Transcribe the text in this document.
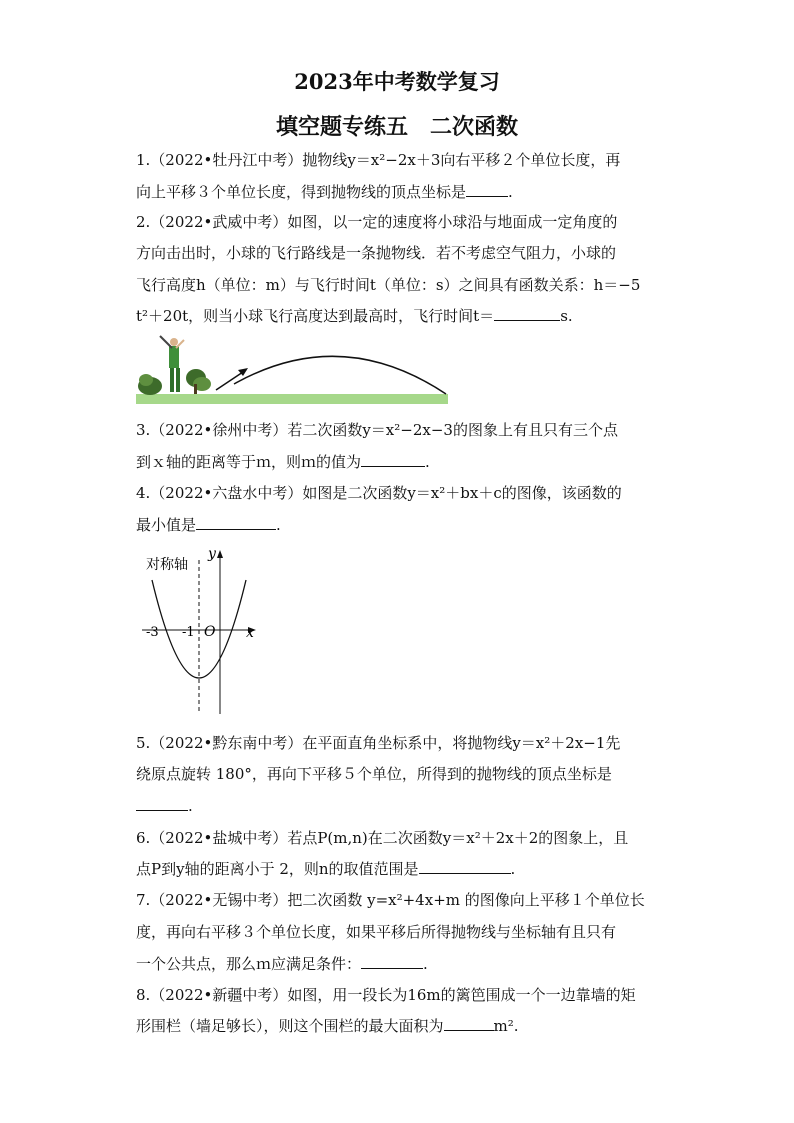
2023年中考数学复习
填空题专练五　二次函数
1.（2022•牡丹江中考）抛物线y＝x²−2x＋3向右平移２个单位长度，再
向上平移３个单位长度，得到抛物线的顶点坐标是	.
2.（2022•武威中考）如图，以一定的速度将小球沿与地面成一定角度的
方向击出时，小球的飞行路线是一条抛物线．若不考虑空气阻力，小球的
飞行高度h（单位：m）与飞行时间t（单位：s）之间具有函数关系：h＝−5
t²＋20t，则当小球飞行高度达到最高时，飞行时间t＝	s.
3.（2022•徐州中考）若二次函数y＝x²−2x−3的图象上有且只有三个点
到ｘ轴的距离等于ｍ，则ｍ的值为	.
4.（2022•六盘水中考）如图是二次函数y＝x²＋bx＋c的图像，该函数的
最小值是	.
对称轴
y
x
O
-3 -1
5.（2022•黔东南中考）在平面直角坐标系中，将抛物线y＝x²＋2x−1先
绕原点旋转 180°，再向下平移５个单位，所得到的抛物线的顶点坐标是
.
6.（2022•盐城中考）若点P(m,n)在二次函数y＝x²＋2x＋2的图象上，且
点P到y轴的距离小于 2，则n的取值范围是	.
7.（2022•无锡中考）把二次函数 y=x²+4x+m 的图像向上平移１个单位长
度，再向右平移３个单位长度，如果平移后所得抛物线与坐标轴有且只有
一个公共点，那么ｍ应满足条件：	.
8.（2022•新疆中考）如图，用一段长为16m的篱笆围成一个一边靠墙的矩
形围栏（墙足够长），则这个围栏的最大面积为	m².
